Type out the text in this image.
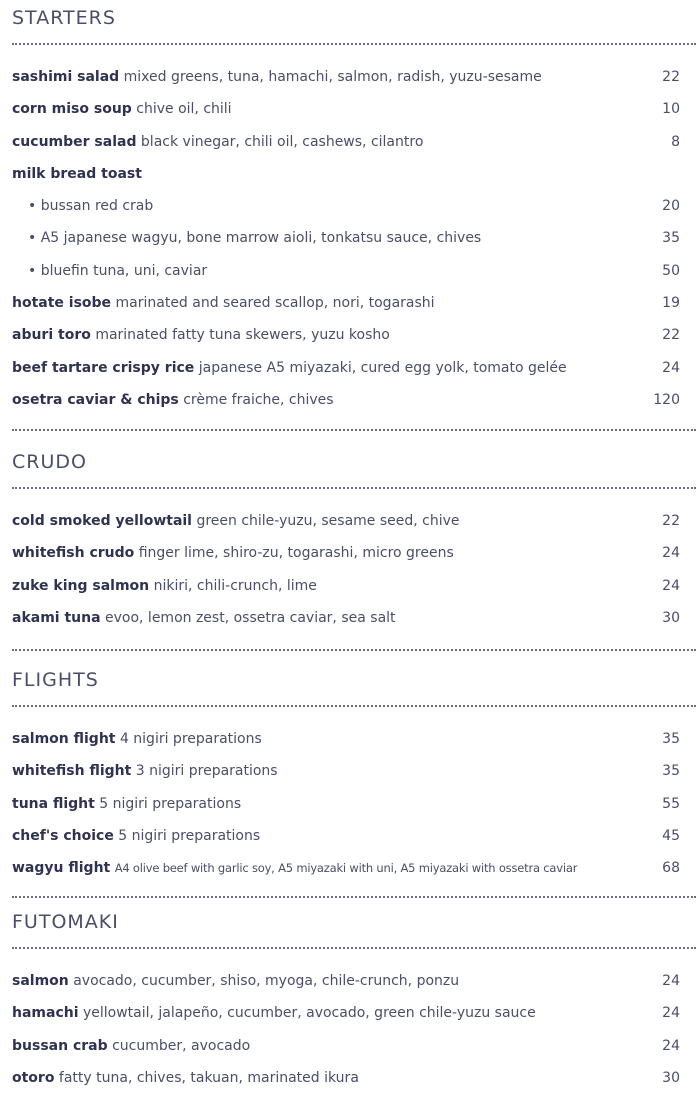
STARTERS
sashimi salad mixed greens, tuna, hamachi, salmon, radish, yuzu-sesame	22
corn miso soup chive oil, chili	10
cucumber salad black vinegar, chili oil, cashews, cilantro	8
milk bread toast
• bussan red crab	20
• A5 japanese wagyu, bone marrow aioli, tonkatsu sauce, chives	35
• bluefin tuna, uni, caviar	50
hotate isobe marinated and seared scallop, nori, togarashi	19
aburi toro marinated fatty tuna skewers, yuzu kosho	22
beef tartare crispy rice japanese A5 miyazaki, cured egg yolk, tomato gelée	24
osetra caviar & chips crème fraiche, chives	120
CRUDO
cold smoked yellowtail green chile-yuzu, sesame seed, chive	22
whitefish crudo finger lime, shiro-zu, togarashi, micro greens	24
zuke king salmon nikiri, chili-crunch, lime	24
akami tuna evoo, lemon zest, ossetra caviar, sea salt	30
FLIGHTS
salmon flight 4 nigiri preparations	35
whitefish flight 3 nigiri preparations	35
tuna flight 5 nigiri preparations	55
chef's choice 5 nigiri preparations	45
wagyu flight A4 olive beef with garlic soy, A5 miyazaki with uni, A5 miyazaki with ossetra caviar	68
FUTOMAKI
salmon avocado, cucumber, shiso, myoga, chile-crunch, ponzu	24
hamachi yellowtail, jalapeño, cucumber, avocado, green chile-yuzu sauce	24
bussan crab cucumber, avocado	24
otoro fatty tuna, chives, takuan, marinated ikura	30
